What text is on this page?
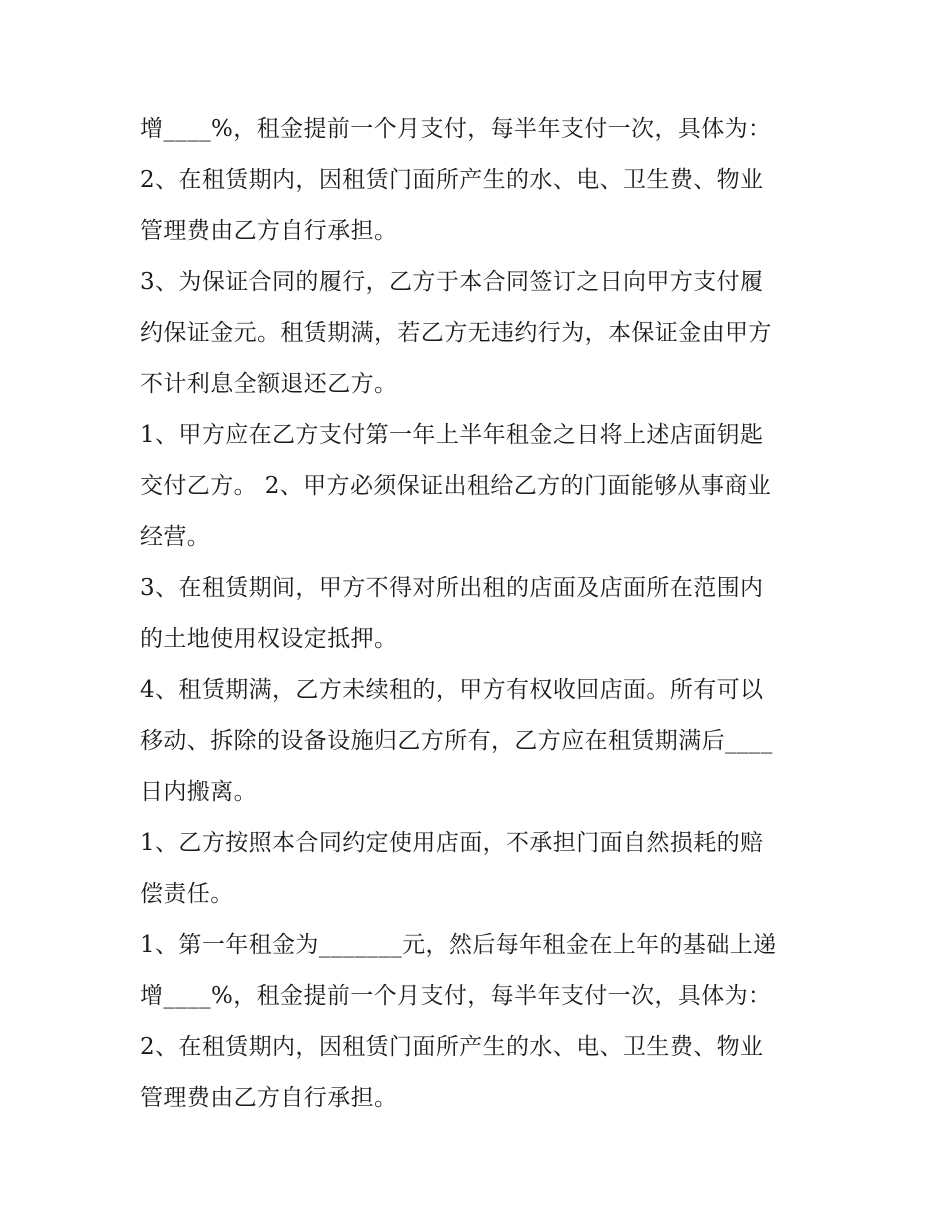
增____%，租金提前一个月支付，每半年支付一次，具体为：
2、在租赁期内，因租赁门面所产生的水、电、卫生费、物业
管理费由乙方自行承担。
3、为保证合同的履行，乙方于本合同签订之日向甲方支付履
约保证金元。租赁期满，若乙方无违约行为，本保证金由甲方
不计利息全额退还乙方。
1、甲方应在乙方支付第一年上半年租金之日将上述店面钥匙
交付乙方。 2、甲方必须保证出租给乙方的门面能够从事商业
经营。
3、在租赁期间，甲方不得对所出租的店面及店面所在范围内
的土地使用权设定抵押。
4、租赁期满，乙方未续租的，甲方有权收回店面。所有可以
移动、拆除的设备设施归乙方所有，乙方应在租赁期满后____
日内搬离。
1、乙方按照本合同约定使用店面，不承担门面自然损耗的赔
偿责任。
1、第一年租金为_______元，然后每年租金在上年的基础上递
增____%，租金提前一个月支付，每半年支付一次，具体为：
2、在租赁期内，因租赁门面所产生的水、电、卫生费、物业
管理费由乙方自行承担。
